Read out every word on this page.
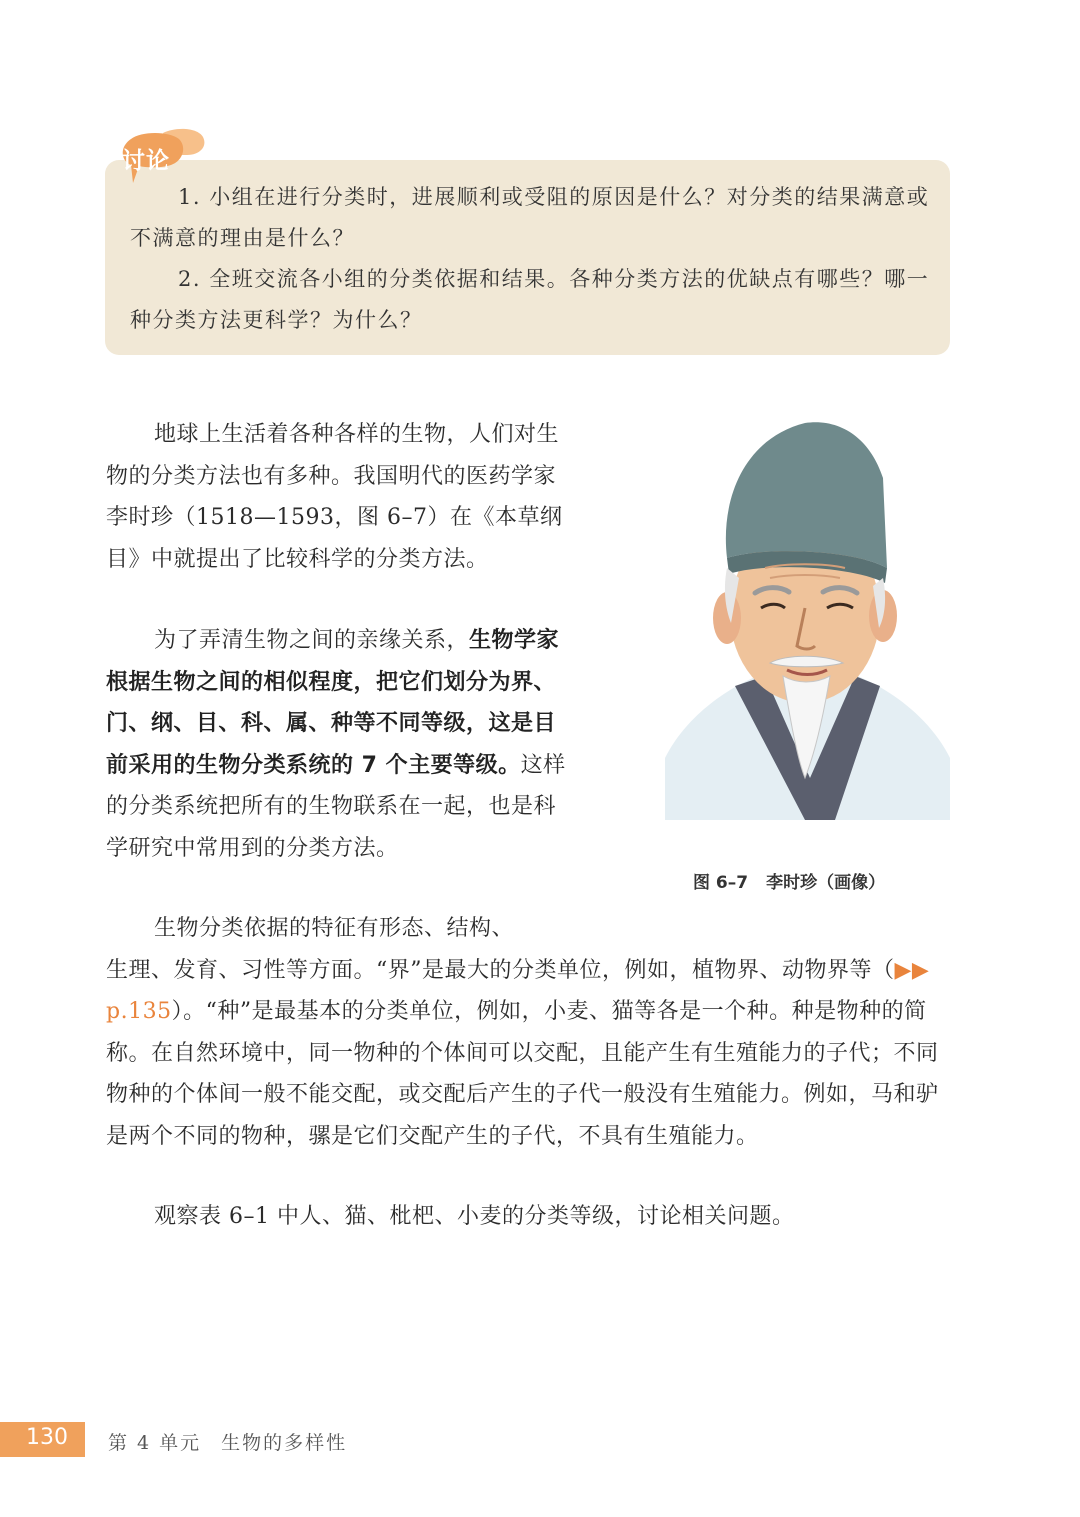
讨论
1. 小组在进行分类时，进展顺利或受阻的原因是什么？对分类的结果满意或不满意的理由是什么？
2. 全班交流各小组的分类依据和结果。各种分类方法的优缺点有哪些？哪一种分类方法更科学？为什么？

地球上生活着各种各样的生物，人们对生物的分类方法也有多种。我国明代的医药学家李时珍（1518—1593，图 6–7）在《本草纲目》中就提出了比较科学的分类方法。

为了弄清生物之间的亲缘关系，生物学家根据生物之间的相似程度，把它们划分为界、门、纲、目、科、属、种等不同等级，这是目前采用的生物分类系统的 7 个主要等级。这样的分类系统把所有的生物联系在一起，也是科学研究中常用到的分类方法。

生物分类依据的特征有形态、结构、
生理、发育、习性等方面。“界”是最大的分类单位，例如，植物界、动物界等（▶▶ p.135）。“种”是最基本的分类单位，例如，小麦、猫等各是一个种。种是物种的简称。在自然环境中，同一物种的个体间可以交配，且能产生有生殖能力的子代；不同物种的个体间一般不能交配，或交配后产生的子代一般没有生殖能力。例如，马和驴是两个不同的物种，骡是它们交配产生的子代，不具有生殖能力。

观察表 6–1 中人、猫、枇杷、小麦的分类等级，讨论相关问题。

图 6–7 李时珍（画像）
130	第 4 单元 生物的多样性
